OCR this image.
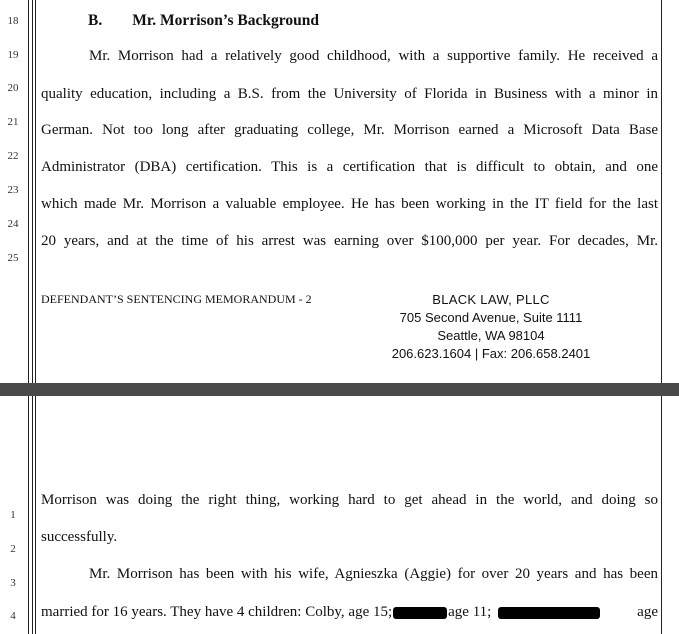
18
19
20
21
22
23
24
25
B. Mr. Morrison’s Background
Mr. Morrison had a relatively good childhood, with a supportive family. He received a
quality education, including a B.S. from the University of Florida in Business with a minor in
German. Not too long after graduating college, Mr. Morrison earned a Microsoft Data Base
Administrator (DBA) certification. This is a certification that is difficult to obtain, and one
which made Mr. Morrison a valuable employee. He has been working in the IT field for the last
20 years, and at the time of his arrest was earning over $100,000 per year. For decades, Mr.
DEFENDANT’S SENTENCING MEMORANDUM - 2	BLACK LAW, PLLC
705 Second Avenue, Suite 1111
Seattle, WA 98104
206.623.1604 | Fax: 206.658.2401
1
2
3
4
Morrison was doing the right thing, working hard to get ahead in the world, and doing so
successfully.
Mr. Morrison has been with his wife, Agnieszka (Aggie) for over 20 years and has been
married for 16 years. They have 4 children: Colby, age 15;	age 11;	age
